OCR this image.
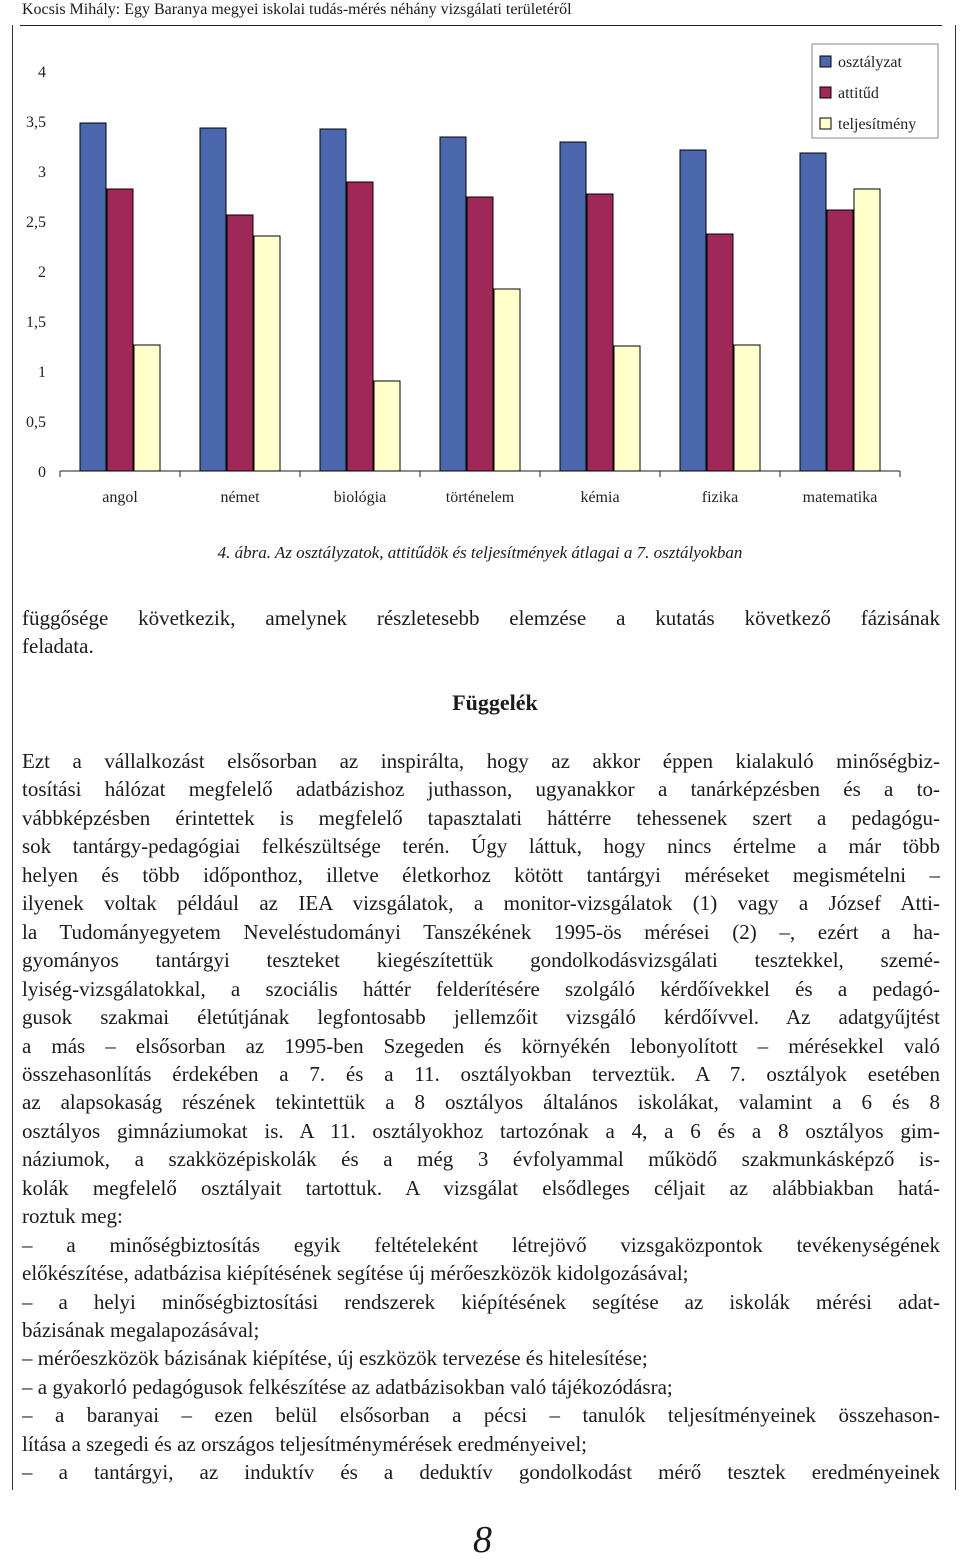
Kocsis Mihály: Egy Baranya megyei iskolai tudás-mérés néhány vizsgálati területéről
0
0,5
1
1,5
2
2,5
3
3,5
4
angol	német	biológia	történelem	kémia	fizika	matematika
osztályzat
attitűd
teljesítmény
4. ábra. Az osztályzatok, attitűdök és teljesítmények átlagai a 7. osztályokban

függősége következik, amelynek részletesebb elemzése a kutatás következő fázisának

feladata.

Függelék

Ezt a vállalkozást elsősorban az inspirálta, hogy az akkor éppen kialakuló minőségbiz-

tosítási hálózat megfelelő adatbázishoz juthasson, ugyanakkor a tanárképzésben és a to-

vábbképzésben érintettek is megfelelő tapasztalati háttérre tehessenek szert a pedagógu-

sok tantárgy-pedagógiai felkészültsége terén. Úgy láttuk, hogy nincs értelme a már több

helyen és több időponthoz, illetve életkorhoz kötött tantárgyi méréseket megismételni –

ilyenek voltak például az IEA vizsgálatok, a monitor-vizsgálatok (1) vagy a József Atti-

la Tudományegyetem Neveléstudományi Tanszékének 1995-ös mérései (2) –, ezért a ha-

gyományos tantárgyi teszteket kiegészítettük gondolkodásvizsgálati tesztekkel, szemé-

lyiség-vizsgálatokkal, a szociális háttér felderítésére szolgáló kérdőívekkel és a pedagó-

gusok szakmai életútjának legfontosabb jellemzőit vizsgáló kérdőívvel. Az adatgyűjtést

a más – elsősorban az 1995-ben Szegeden és környékén lebonyolított – mérésekkel való

összehasonlítás érdekében a 7. és a 11. osztályokban terveztük. A 7. osztályok esetében

az alapsokaság részének tekintettük a 8 osztályos általános iskolákat, valamint a 6 és 8

osztályos gimnáziumokat is. A 11. osztályokhoz tartozónak a 4, a 6 és a 8 osztályos gim-

náziumok, a szakközépiskolák és a még 3 évfolyammal működő szakmunkásképző is-

kolák megfelelő osztályait tartottuk. A vizsgálat elsődleges céljait az alábbiakban hatá-

roztuk meg:

– a minőségbiztosítás egyik feltételeként létrejövő vizsgaközpontok tevékenységének

előkészítése, adatbázisa kiépítésének segítése új mérőeszközök kidolgozásával;

– a helyi minőségbiztosítási rendszerek kiépítésének segítése az iskolák mérési adat-

bázisának megalapozásával;

– mérőeszközök bázisának kiépítése, új eszközök tervezése és hitelesítése;

– a gyakorló pedagógusok felkészítése az adatbázisokban való tájékozódásra;

– a baranyai – ezen belül elsősorban a pécsi – tanulók teljesítményeinek összehason-

lítása a szegedi és az országos teljesítménymérések eredményeivel;

– a tantárgyi, az induktív és a deduktív gondolkodást mérő tesztek eredményeinek

8
